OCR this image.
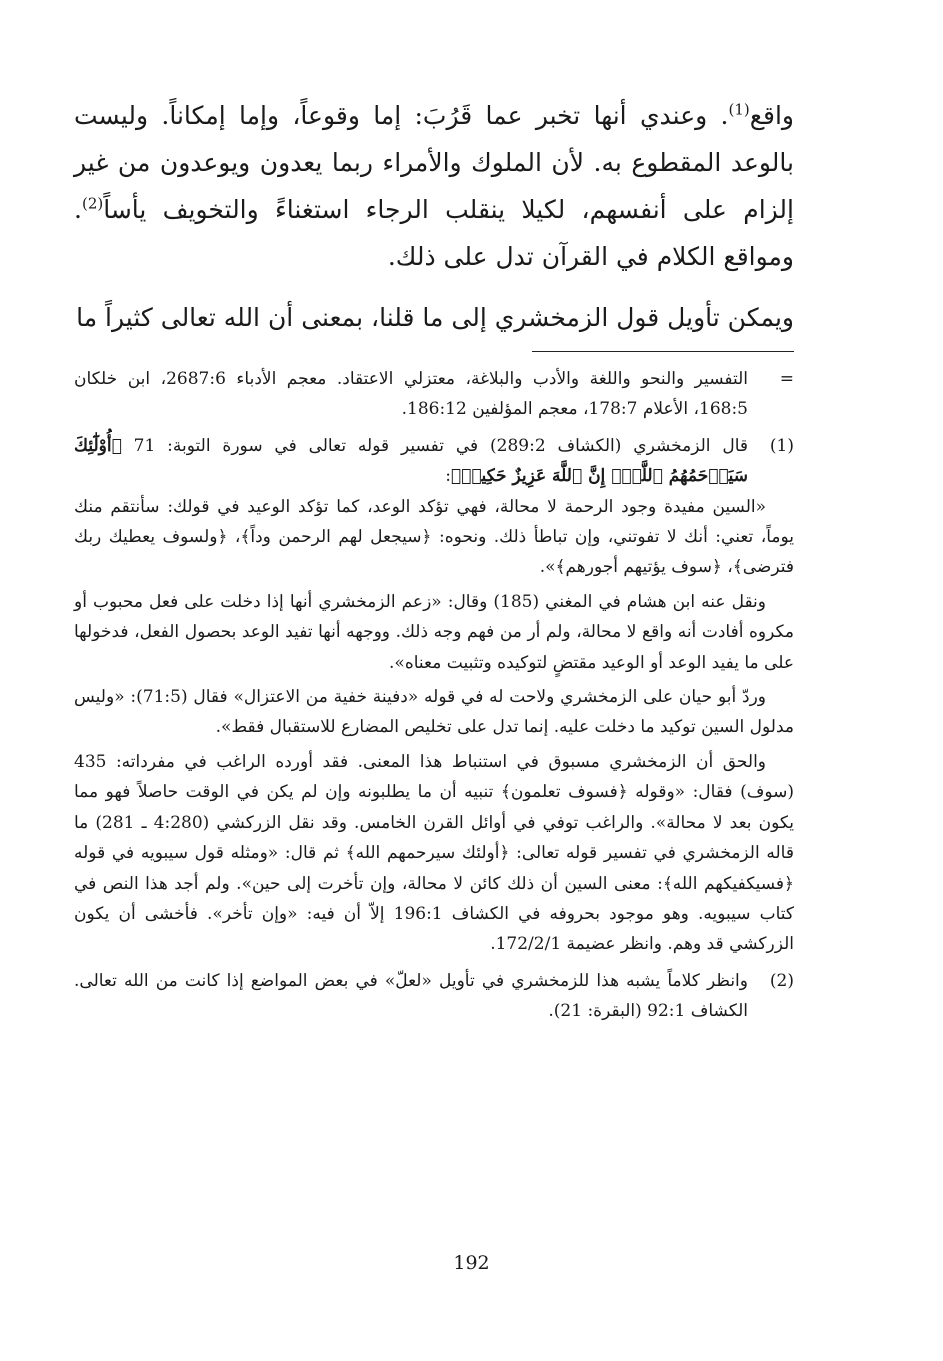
واقع$^{(1)}$. وعندي أنها تخبر عما قَرُبَ: إما وقوعاً، وإما إمكاناً. وليست بالوعد المقطوع به. لأن الملوك والأمراء ربما يعدون ويوعدون من غير إلزام على أنفسهم، لكيلا ينقلب الرجاء استغناءً والتخويف يأساً$^{(2)}$. ومواقع الكلام في القرآن تدل على ذلك.

ويمكن تأويل قول الزمخشري إلى ما قلنا، بمعنى أن الله تعالى كثيراً ما

=

التفسير والنحو واللغة والأدب والبلاغة، معتزلي الاعتقاد. معجم الأدباء 2687:6، ابن خلكان 168:5، الأعلام 178:7، معجم المؤلفين 186:12.

(1)

قال الزمخشري (الكشاف 289:2) في تفسير قوله تعالى في سورة التوبة: 71 ﴿أُوْلَٰٓئِكَ سَيَرۡحَمُهُمُ ٱللَّهُۗ إِنَّ ٱللَّهَ عَزِيزٌ حَكِيمٞ﴾:

«السين مفيدة وجود الرحمة لا محالة، فهي تؤكد الوعد، كما تؤكد الوعيد في قولك: سأنتقم منك يوماً، تعني: أنك لا تفوتني، وإن تباطأ ذلك. ونحوه: ﴿سيجعل لهم الرحمن وداً﴾، ﴿ولسوف يعطيك ربك فترضى﴾، ﴿سوف يؤتيهم أجورهم﴾».

ونقل عنه ابن هشام في المغني (185) وقال: «زعم الزمخشري أنها إذا دخلت على فعل محبوب أو مكروه أفادت أنه واقع لا محالة، ولم أر من فهم وجه ذلك. ووجهه أنها تفيد الوعد بحصول الفعل، فدخولها على ما يفيد الوعد أو الوعيد مقتضٍ لتوكيده وتثبيت معناه».

وردّ أبو حيان على الزمخشري ولاحت له في قوله «دفينة خفية من الاعتزال» فقال (71:5): «وليس مدلول السين توكيد ما دخلت عليه. إنما تدل على تخليص المضارع للاستقبال فقط».

والحق أن الزمخشري مسبوق في استنباط هذا المعنى. فقد أورده الراغب في مفرداته: 435 (سوف) فقال: «وقوله ﴿فسوف تعلمون﴾ تنبيه أن ما يطلبونه وإن لم يكن في الوقت حاصلاً فهو مما يكون بعد لا محالة». والراغب توفي في أوائل القرن الخامس. وقد نقل الزركشي (4:280 ـ 281) ما قاله الزمخشري في تفسير قوله تعالى: ﴿أولئك سيرحمهم الله﴾ ثم قال: «ومثله قول سيبويه في قوله ﴿فسيكفيكهم الله﴾: معنى السين أن ذلك كائن لا محالة، وإن تأخرت إلى حين». ولم أجد هذا النص في كتاب سيبويه. وهو موجود بحروفه في الكشاف 196:1 إلاّ أن فيه: «وإن تأخر». فأخشى أن يكون الزركشي قد وهم. وانظر عضيمة 172/2/1.

(2)

وانظر كلاماً يشبه هذا للزمخشري في تأويل «لعلّ» في بعض المواضع إذا كانت من الله تعالى. الكشاف 92:1 (البقرة: 21).

192
